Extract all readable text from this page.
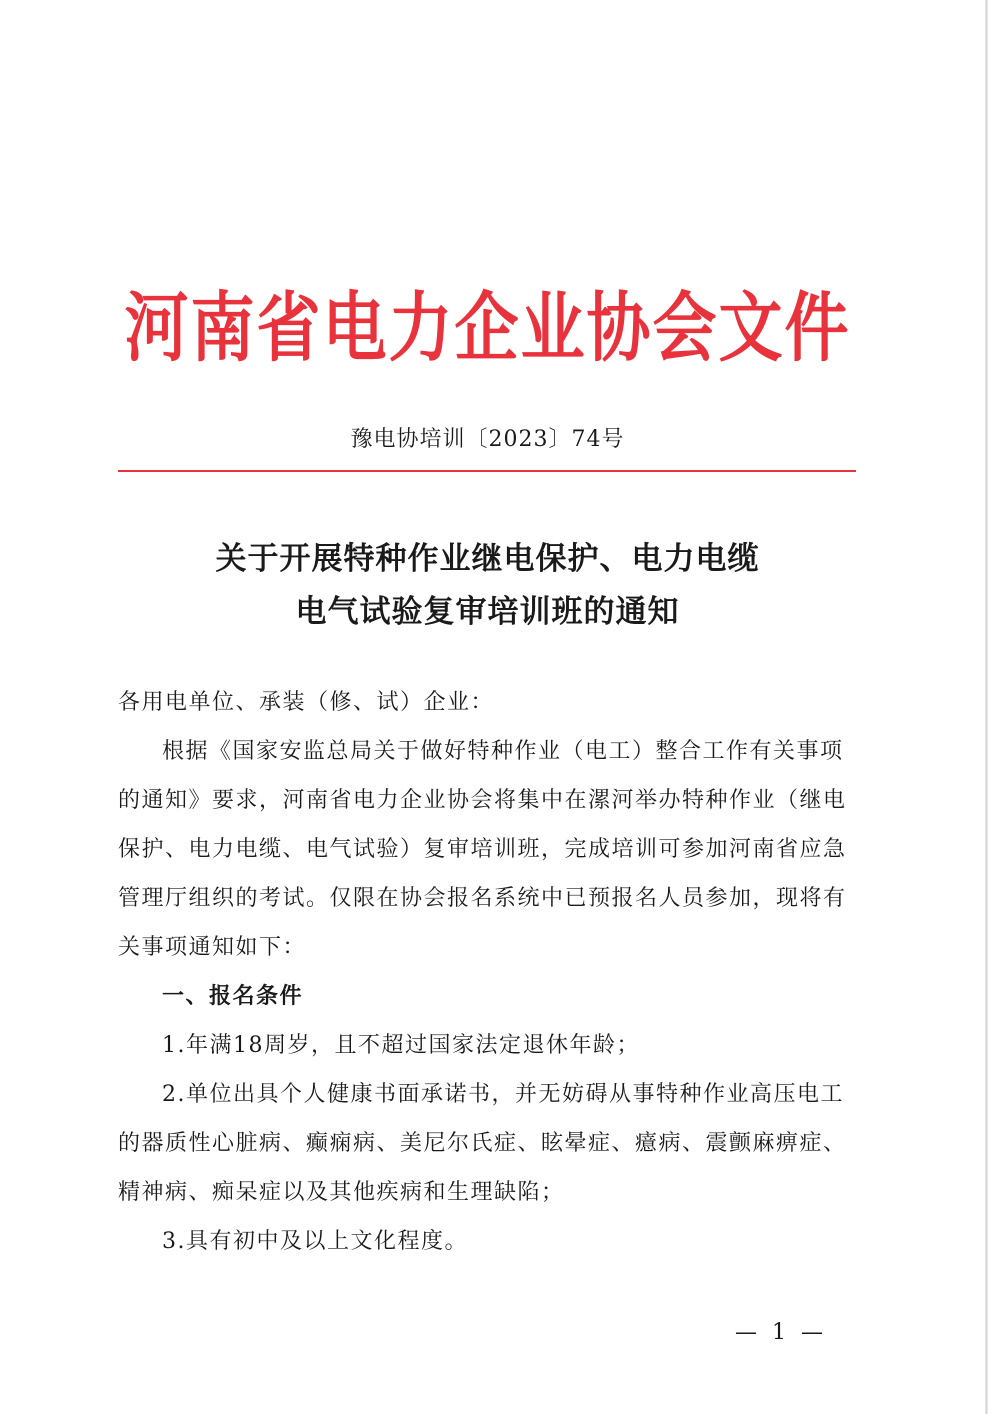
河南省电力企业协会文件
豫电协培训〔2023〕74号
关于开展特种作业继电保护、电力电缆
电气试验复审培训班的通知

各用电单位、承装（修、试）企业：

根据《国家安监总局关于做好特种作业（电工）整合工作有关事项的通知》要求，河南省电力企业协会将集中在漯河举办特种作业（继电保护、电力电缆、电气试验）复审培训班，完成培训可参加河南省应急管理厅组织的考试。仅限在协会报名系统中已预报名人员参加，现将有关事项通知如下：

一、报名条件

1.年满18周岁，且不超过国家法定退休年龄；

2.单位出具个人健康书面承诺书，并无妨碍从事特种作业高压电工的器质性心脏病、癫痫病、美尼尔氏症、眩晕症、癔病、震颤麻痹症、精神病、痴呆症以及其他疾病和生理缺陷；

3.具有初中及以上文化程度。

— 1 —
